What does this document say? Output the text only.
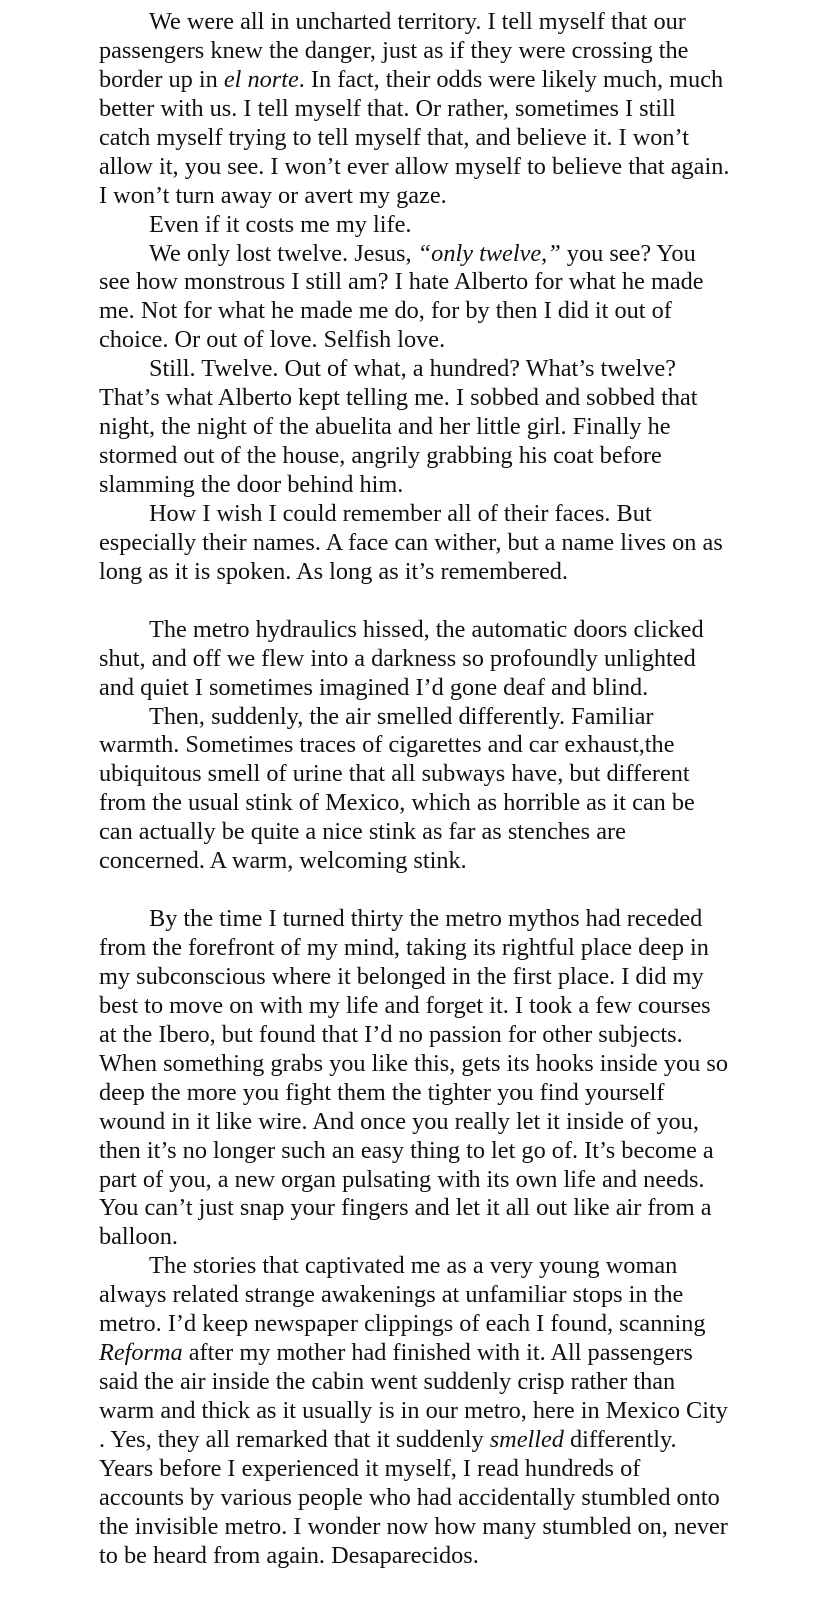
We were all in uncharted territory. I tell myself that our
passengers knew the danger, just as if they were crossing the
border up in el norte. In fact, their odds were likely much, much
better with us. I tell myself that. Or rather, sometimes I still
catch myself trying to tell myself that, and believe it. I won’t
allow it, you see. I won’t ever allow myself to believe that again.
I won’t turn away or avert my gaze.
Even if it costs me my life.
We only lost twelve. Jesus, “only twelve,” you see? You
see how monstrous I still am? I hate Alberto for what he made
me. Not for what he made me do, for by then I did it out of
choice. Or out of love. Selfish love.
Still. Twelve. Out of what, a hundred? What’s twelve?
That’s what Alberto kept telling me. I sobbed and sobbed that
night, the night of the abuelita and her little girl. Finally he
stormed out of the house, angrily grabbing his coat before
slamming the door behind him.
How I wish I could remember all of their faces. But
especially their names. A face can wither, but a name lives on as
long as it is spoken. As long as it’s remembered.
The metro hydraulics hissed, the automatic doors clicked
shut, and off we flew into a darkness so profoundly unlighted
and quiet I sometimes imagined I’d gone deaf and blind.
Then, suddenly, the air smelled differently. Familiar
warmth. Sometimes traces of cigarettes and car exhaust,the
ubiquitous smell of urine that all subways have, but different
from the usual stink of Mexico, which as horrible as it can be
can actually be quite a nice stink as far as stenches are
concerned. A warm, welcoming stink.
By the time I turned thirty the metro mythos had receded
from the forefront of my mind, taking its rightful place deep in
my subconscious where it belonged in the first place. I did my
best to move on with my life and forget it. I took a few courses
at the Ibero, but found that I’d no passion for other subjects.
When something grabs you like this, gets its hooks inside you so
deep the more you fight them the tighter you find yourself
wound in it like wire. And once you really let it inside of you,
then it’s no longer such an easy thing to let go of. It’s become a
part of you, a new organ pulsating with its own life and needs.
You can’t just snap your fingers and let it all out like air from a
balloon.
The stories that captivated me as a very young woman
always related strange awakenings at unfamiliar stops in the
metro. I’d keep newspaper clippings of each I found, scanning
Reforma after my mother had finished with it. All passengers
said the air inside the cabin went suddenly crisp rather than
warm and thick as it usually is in our metro, here in Mexico City
. Yes, they all remarked that it suddenly smelled differently.
Years before I experienced it myself, I read hundreds of
accounts by various people who had accidentally stumbled onto
the invisible metro. I wonder now how many stumbled on, never
to be heard from again. Desaparecidos.
